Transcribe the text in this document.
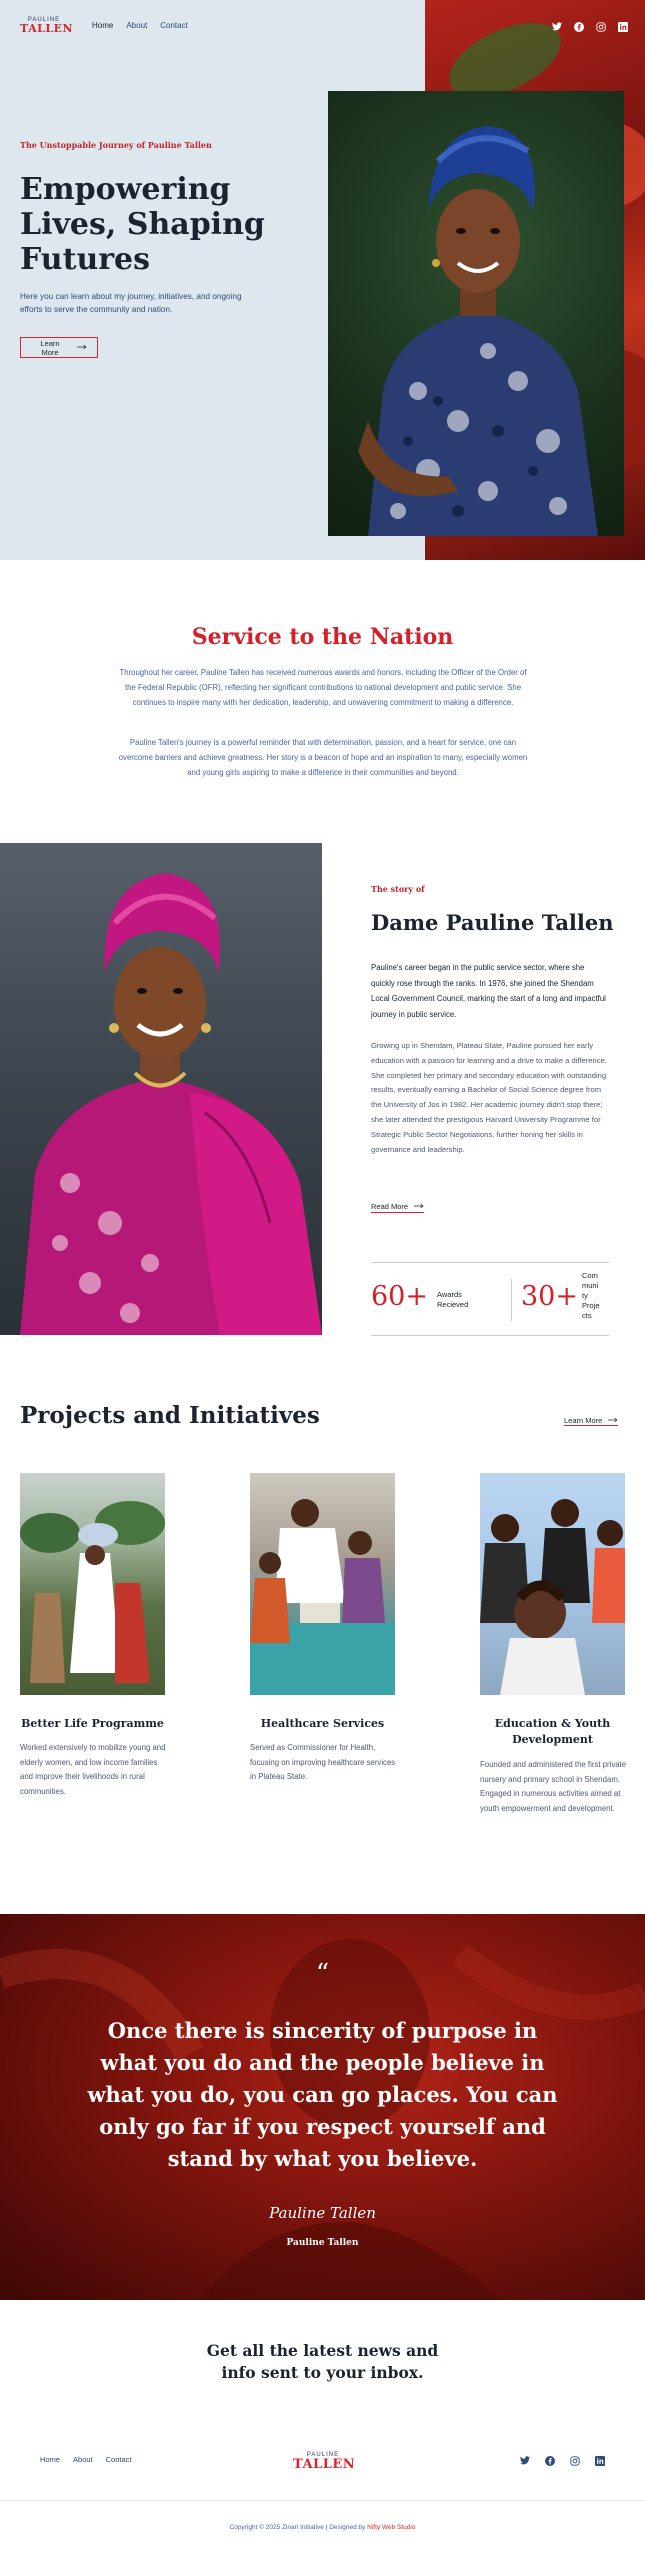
PAULINE
TALLEN Home About Contact
The Unstoppable Journey of Pauline Tallen
Empowering Lives, Shaping Futures

Here you can learn about my journey, initiatives, and ongoing efforts to serve the community and nation.

Learn More
Service to the Nation

Throughout her career, Pauline Tallen has received numerous awards and honors, including the Officer of the Order of the Federal Republic (OFR), reflecting her significant contributions to national development and public service. She continues to inspire many with her dedication, leadership, and unwavering commitment to making a difference.

Pauline Tallen's journey is a powerful reminder that with determination, passion, and a heart for service, one can overcome barriers and achieve greatness. Her story is a beacon of hope and an inspiration to many, especially women and young girls aspiring to make a difference in their communities and beyond.

The story of
Dame Pauline Tallen

Pauline's career began in the public service sector, where she quickly rose through the ranks. In 1976, she joined the Shendam Local Government Council, marking the start of a long and impactful journey in public service.

Growing up in Shendam, Plateau State, Pauline pursued her early education with a passion for learning and a drive to make a difference. She completed her primary and secondary education with outstanding results, eventually earning a Bachelor of Social Science degree from the University of Jos in 1982. Her academic journey didn't stop there; she later attended the prestigious Harvard University Programme for Strategic Public Sector Negotiations, further honing her skills in governance and leadership.

Read More
60+ Awards
Recieved 30+
Com
muni
ty
Proje
cts
Projects and Initiatives	Learn More
Better Life Programme

Worked extensively to mobilize young and elderly women, and low income families and improve their livelihoods in rural communities.

Healthcare Services

Served as Commissioner for Health, focusing on improving healthcare services in Plateau State.

Education & Youth Development

Founded and administered the first private nursery and primary school in Shendam. Engaged in numerous activities aimed at youth empowerment and development.

“

Once there is sincerity of purpose in what you do and the people believe in what you do, you can go places. You can only go far if you respect yourself and stand by what you believe.

Pauline Tallen
Pauline Tallen
Get all the latest news and info sent to your inbox.
Home About Contact	PAULINE
TALLEN
Copyright © 2025 Zinari Initiative | Designed by Nifty Web Studio
